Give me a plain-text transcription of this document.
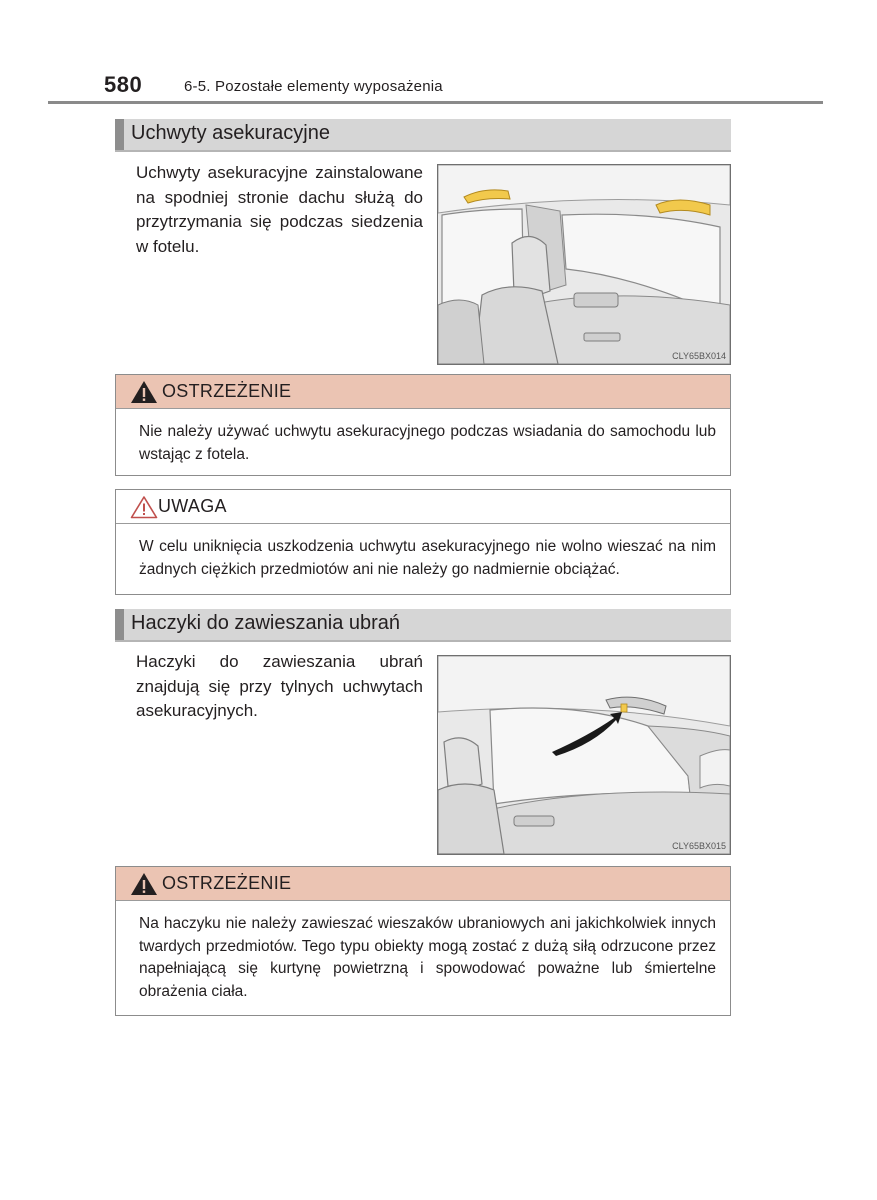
580	6-5. Pozostałe elementy wyposażenia
Uchwyty asekuracyjne
Uchwyty asekuracyjne zainstalowane na spodniej stronie dachu służą do przytrzymania się podczas siedzenia w fotelu.
CLY65BX014
OSTRZEŻENIE
Nie należy używać uchwytu asekuracyjnego podczas wsiadania do samochodu lub wstając z fotela.
UWAGA
W celu uniknięcia uszkodzenia uchwytu asekuracyjnego nie wolno wieszać na nim żadnych ciężkich przedmiotów ani nie należy go nadmiernie obciążać.
Haczyki do zawieszania ubrań
Haczyki do zawieszania ubrań znajdują się przy tylnych uchwytach asekuracyjnych.
CLY65BX015
OSTRZEŻENIE
Na haczyku nie należy zawieszać wieszaków ubraniowych ani jakichkolwiek innych twardych przedmiotów. Tego typu obiekty mogą zostać z dużą siłą odrzucone przez napełniającą się kurtynę powietrzną i spowodować poważne lub śmiertelne obrażenia ciała.
